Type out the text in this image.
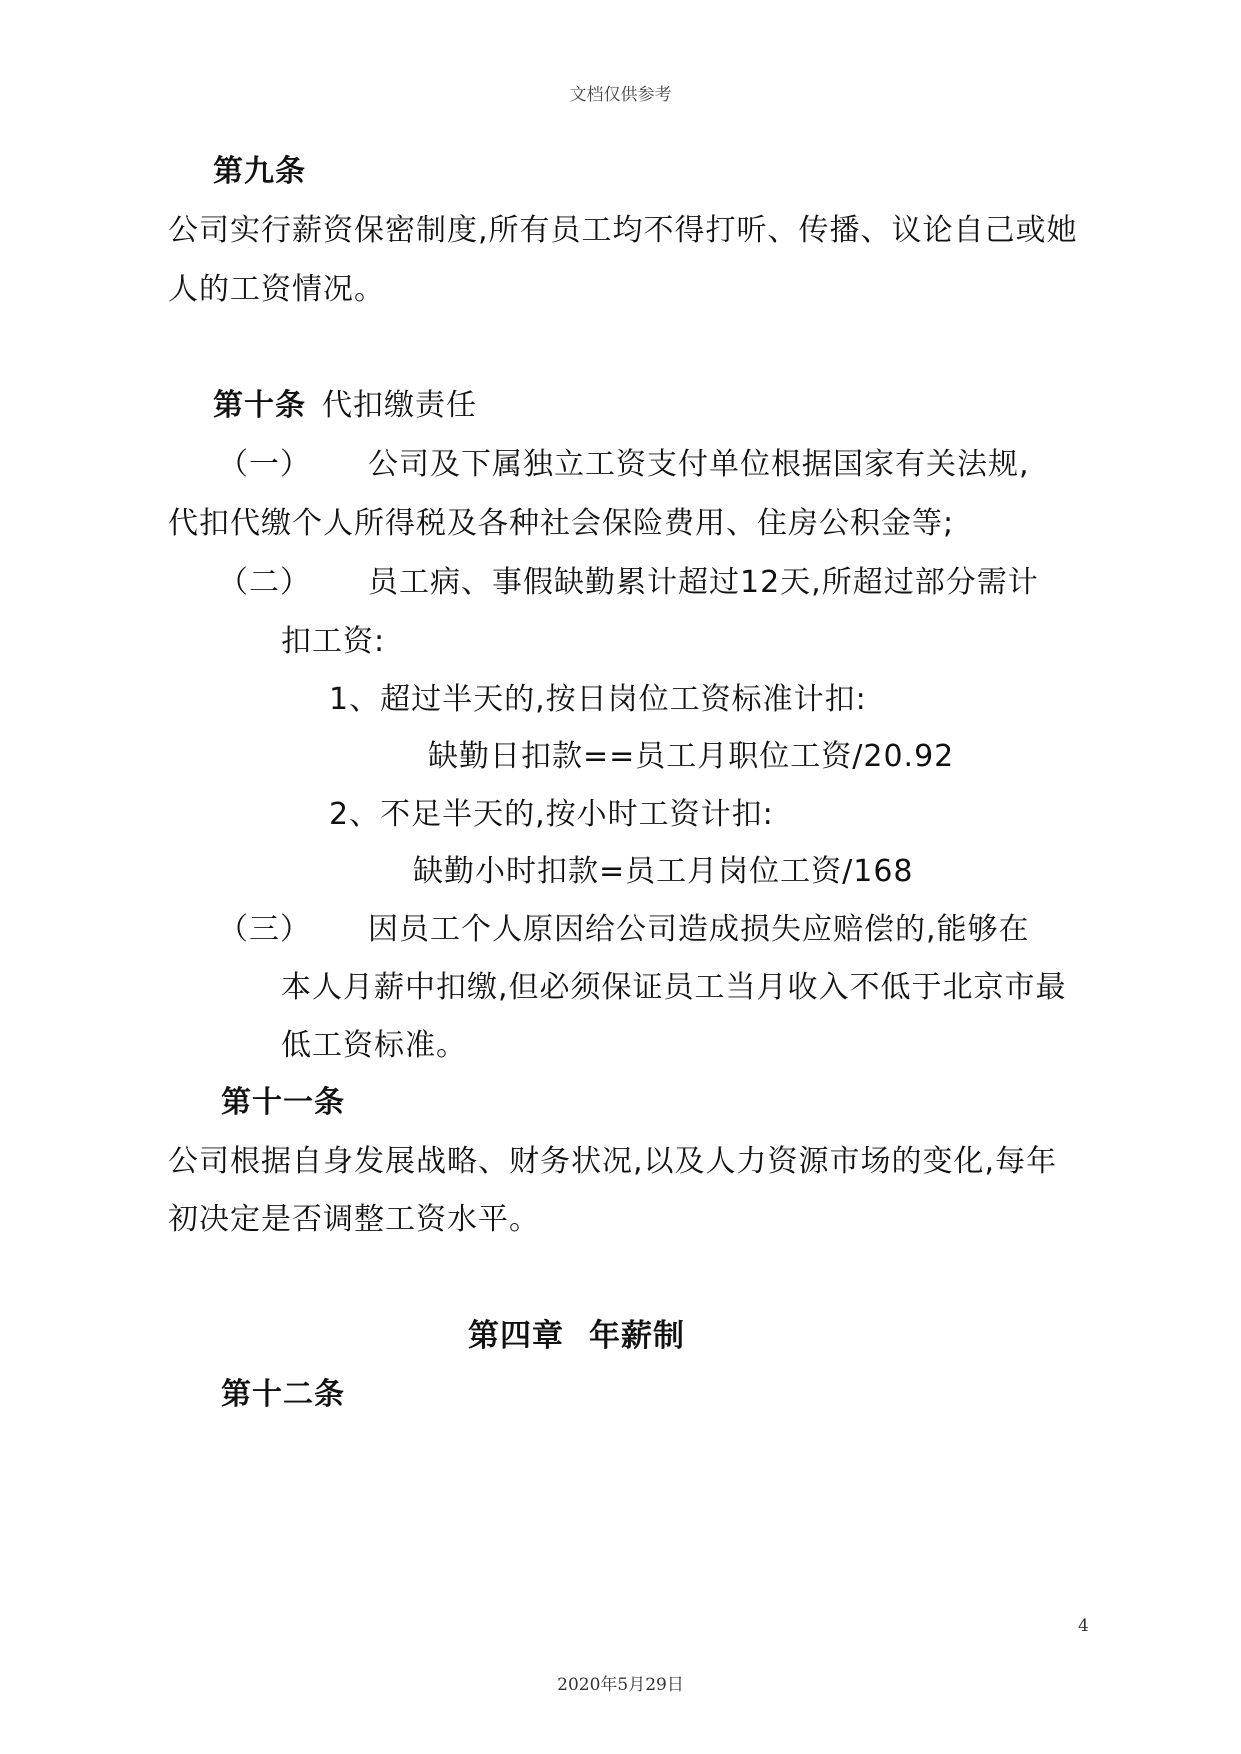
文档仅供参考
第九条
公司实行薪资保密制度,所有员工均不得打听、传播、议论自己或她
人的工资情况。
第十条 代扣缴责任
（一） 公司及下属独立工资支付单位根据国家有关法规,
代扣代缴个人所得税及各种社会保险费用、住房公积金等;
（二） 员工病、事假缺勤累计超过12天,所超过部分需计
扣工资:
1、超过半天的,按日岗位工资标准计扣:
缺勤日扣款==员工月职位工资/20.92
2、不足半天的,按小时工资计扣:
缺勤小时扣款=员工月岗位工资/168
（三） 因员工个人原因给公司造成损失应赔偿的,能够在
本人月薪中扣缴,但必须保证员工当月收入不低于北京市最
低工资标准。
第十一条
公司根据自身发展战略、财务状况,以及人力资源市场的变化,每年
初决定是否调整工资水平。
第四章 年薪制
第十二条
4
2020年5月29日
